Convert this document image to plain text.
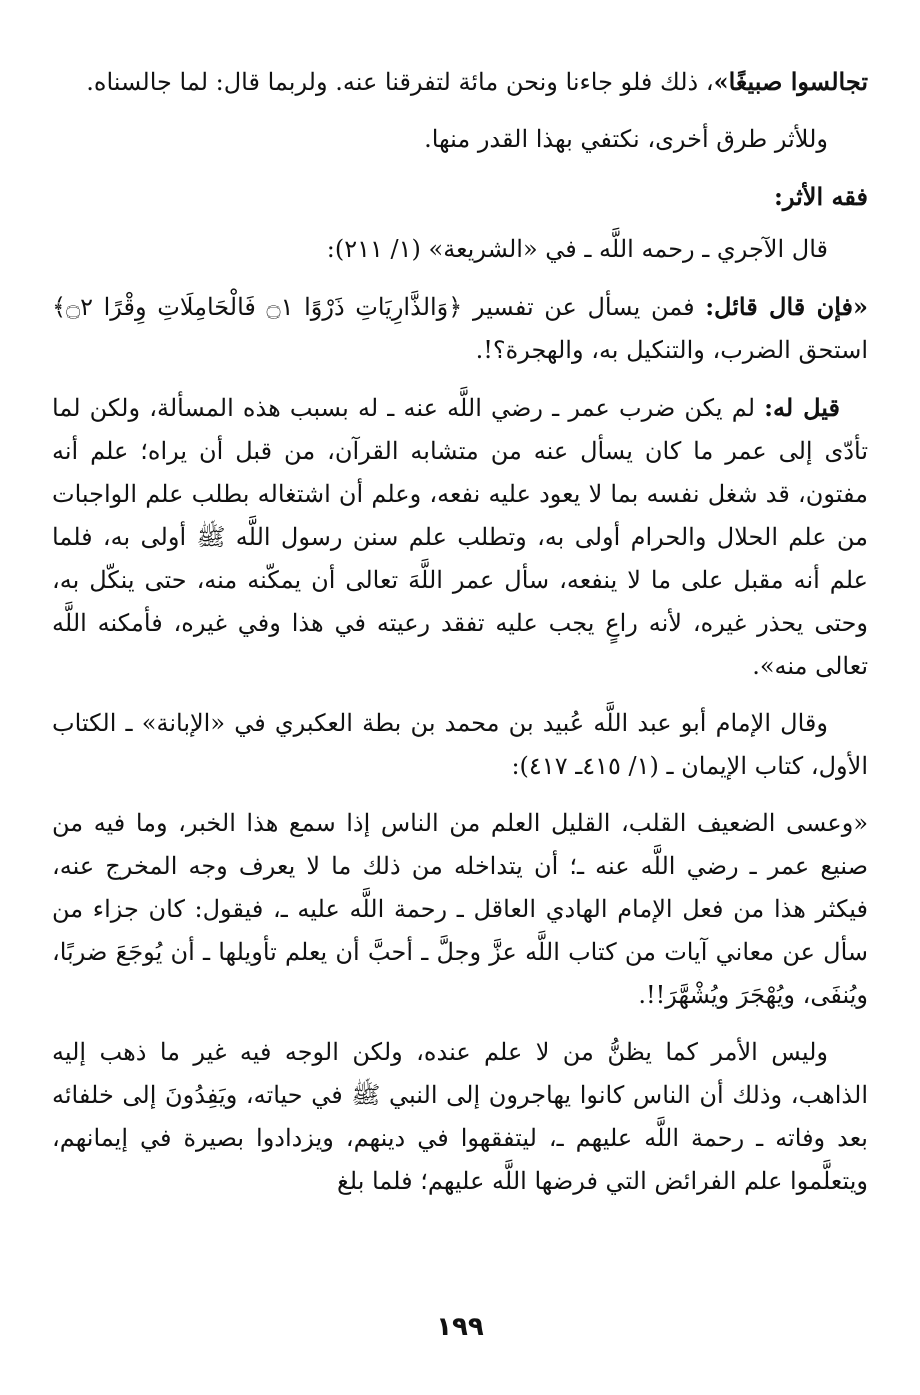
تجالسوا صبيغًا»، ذلك فلو جاءنا ونحن مائة لتفرقنا عنه. ولربما قال: لما جالسناه.

وللأثر طرق أخرى، نكتفي بهذا القدر منها.

فقه الأثر:

قال الآجري ـ رحمه اللَّه ـ في «الشريعة» (١/ ٢١١):

«فإن قال قائل: فمن يسأل عن تفسير ﴿وَالذَّارِيَاتِ ذَرْوًا ۝١ فَالْحَامِلَاتِ وِقْرًا ۝٢﴾ استحق الضرب، والتنكيل به، والهجرة؟!.

قيل له: لم يكن ضرب عمر ـ رضي اللَّه عنه ـ له بسبب هذه المسألة، ولكن لما تأدّى إلى عمر ما كان يسأل عنه من متشابه القرآن، من قبل أن يراه؛ علم أنه مفتون، قد شغل نفسه بما لا يعود عليه نفعه، وعلم أن اشتغاله بطلب علم الواجبات من علم الحلال والحرام أولى به، وتطلب علم سنن رسول اللَّه ﷺ أولى به، فلما علم أنه مقبل على ما لا ينفعه، سأل عمر اللَّهَ تعالى أن يمكّنه منه، حتى ينكّل به، وحتى يحذر غيره، لأنه راعٍ يجب عليه تفقد رعيته في هذا وفي غيره، فأمكنه اللَّه تعالى منه».

وقال الإمام أبو عبد اللَّه عُبيد بن محمد بن بطة العكبري في «الإبانة» ـ الكتاب الأول، كتاب الإيمان ـ (١/ ٤١٥ـ ٤١٧):

«وعسى الضعيف القلب، القليل العلم من الناس إذا سمع هذا الخبر، وما فيه من صنيع عمر ـ رضي اللَّه عنه ـ؛ أن يتداخله من ذلك ما لا يعرف وجه المخرج عنه، فيكثر هذا من فعل الإمام الهادي العاقل ـ رحمة اللَّه عليه ـ، فيقول: كان جزاء من سأل عن معاني آيات من كتاب اللَّه عزَّ وجلَّ ـ أحبَّ أن يعلم تأويلها ـ أن يُوجَعَ ضربًا، ويُنفَى، ويُهْجَرَ ويُشْهَّرَ!!.

وليس الأمر كما يظنُّ من لا علم عنده، ولكن الوجه فيه غير ما ذهب إليه الذاهب، وذلك أن الناس كانوا يهاجرون إلى النبي ﷺ في حياته، ويَفِدُونَ إلى خلفائه بعد وفاته ـ رحمة اللَّه عليهم ـ، ليتفقهوا في دينهم، ويزدادوا بصيرة في إيمانهم، ويتعلَّموا علم الفرائض التي فرضها اللَّه عليهم؛ فلما بلغ

١٩٩
